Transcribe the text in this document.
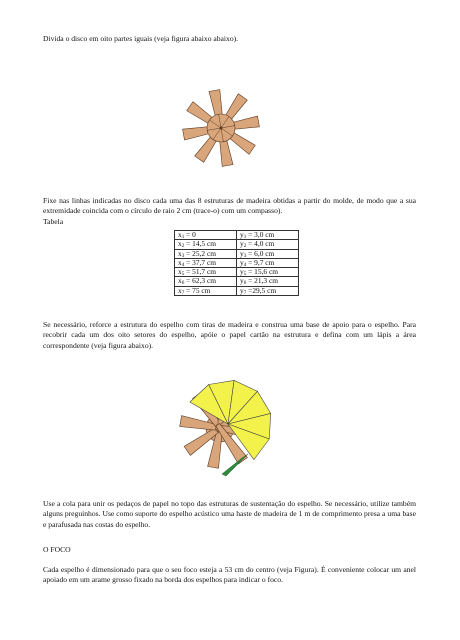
Divida o disco em oito partes iguais (veja figura abaixo abaixo).

Fixe nas linhas indicadas no disco cada uma das 8 estruturas de madeira obtidas a partir do molde, de modo que a sua extremidade coincida com o círculo de raio 2 cm (trace-o) com um compasso).
Tabela

$x_1 = 0$	$y_1 = 3,0$ cm
$x_2 = 14,5$ cm	$y_2 = 4,0$ cm
$x_3 = 25,2$ cm	$y_3 = 6,0$ cm
$x_4 = 37,7$ cm	$y_4 = 9,7$ cm
$x_5 = 51,7$ cm	$y_5 = 15,6$ cm
$x_6 = 62,3$ cm	$y_6 = 21,3$ cm
$x_7 = 75$ cm	$y_7 =29,5$ cm

Se necessário, reforce a estrutura do espelho com tiras de madeira e construa uma base de apoio para o espelho. Para recobrir cada um dos oito setores do espelho, apóie o papel cartão na estrutura e defina com um lápis a área correspondente (veja figura abaixo).

Use a cola para unir os pedaços de papel no topo das estruturas de sustentação do espelho. Se necessário, utilize também alguns preguinhos. Use como suporte do espelho acústico uma haste de madeira de 1 m de comprimento presa a uma base e parafusada nas costas do espelho.

O FOCO

Cada espelho é dimensionado para que o seu foco esteja a 53 cm do centro (veja Figura). É conveniente colocar um anel apoiado em um arame grosso fixado na borda dos espelhos para indicar o foco.
